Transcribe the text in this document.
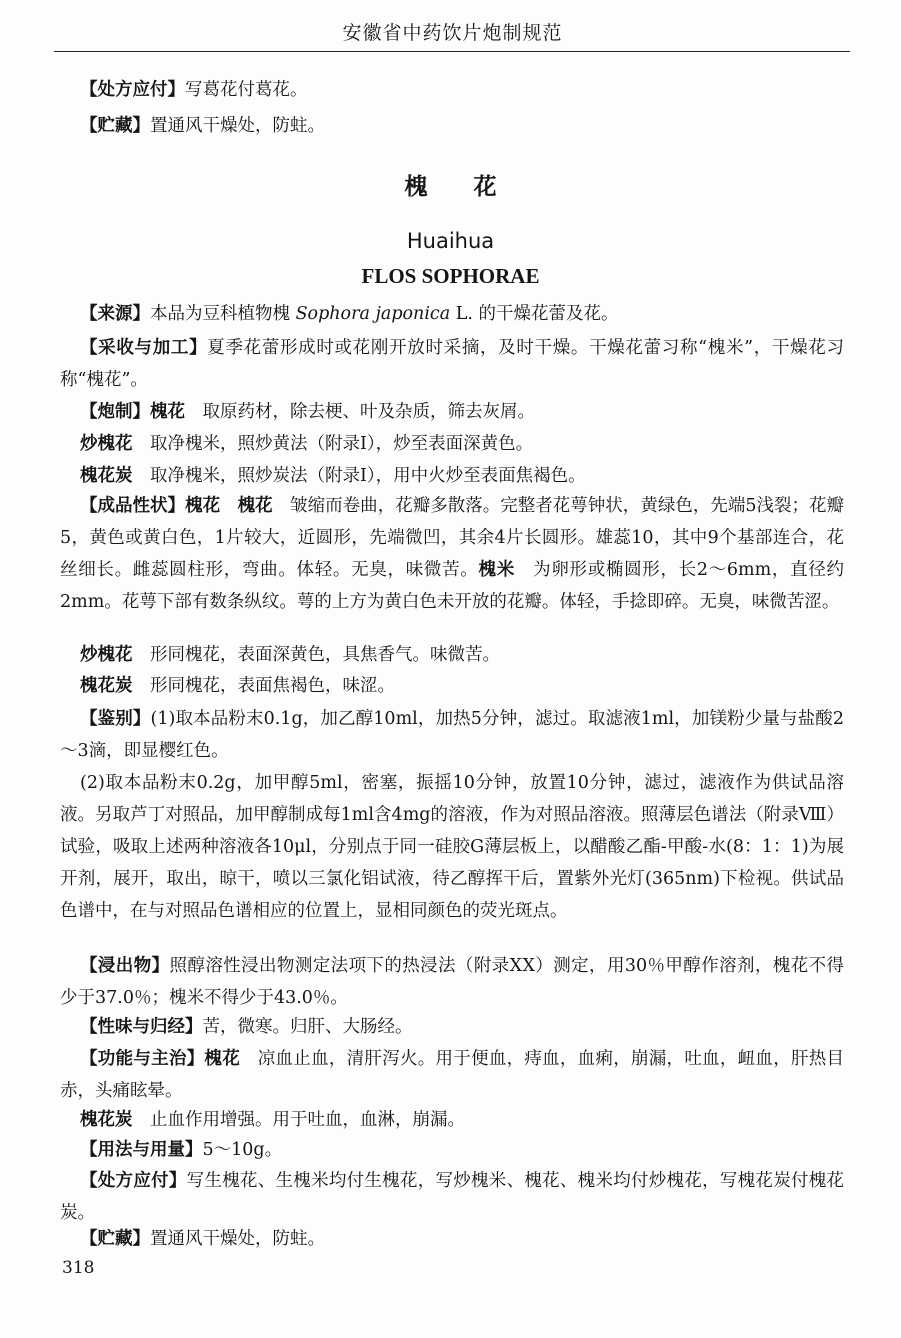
安徽省中药饮片炮制规范
【处方应付】写葛花付葛花。
【贮藏】置通风干燥处，防蛀。
槐　　花
Huaihua
FLOS SOPHORAE
【来源】本品为豆科植物槐 Sophora japonica L. 的干燥花蕾及花。
【采收与加工】夏季花蕾形成时或花刚开放时采摘，及时干燥。干燥花蕾习称“槐米”，干燥花习称“槐花”。
【炮制】槐花　取原药材，除去梗、叶及杂质，筛去灰屑。
炒槐花　取净槐米，照炒黄法（附录Ⅰ），炒至表面深黄色。
槐花炭　取净槐米，照炒炭法（附录Ⅰ），用中火炒至表面焦褐色。
【成品性状】槐花　 槐花　皱缩而卷曲，花瓣多散落。完整者花萼钟状，黄绿色，先端5浅裂；花瓣5，黄色或黄白色，1片较大，近圆形，先端微凹，其余4片长圆形。雄蕊10，其中9个基部连合，花丝细长。雌蕊圆柱形，弯曲。体轻。无臭，味微苦。槐米　为卵形或椭圆形，长2～6mm，直径约2mm。花萼下部有数条纵纹。萼的上方为黄白色未开放的花瓣。体轻，手捻即碎。无臭，味微苦涩。
炒槐花　形同槐花，表面深黄色，具焦香气。味微苦。
槐花炭　形同槐花，表面焦褐色，味涩。
【鉴别】(1)取本品粉末0.1g，加乙醇10ml，加热5分钟，滤过。取滤液1ml，加镁粉少量与盐酸2～3滴，即显樱红色。
(2)取本品粉末0.2g，加甲醇5ml，密塞，振摇10分钟，放置10分钟，滤过，滤液作为供试品溶液。另取芦丁对照品，加甲醇制成每1ml含4mg的溶液，作为对照品溶液。照薄层色谱法（附录Ⅷ）试验，吸取上述两种溶液各10μl，分别点于同一硅胶G薄层板上，以醋酸乙酯-甲酸-水(8：1：1)为展开剂，展开，取出，晾干，喷以三氯化铝试液，待乙醇挥干后，置紫外光灯(365nm)下检视。供试品色谱中，在与对照品色谱相应的位置上，显相同颜色的荧光斑点。
【浸出物】照醇溶性浸出物测定法项下的热浸法（附录ⅩⅩ）测定，用30％甲醇作溶剂，槐花不得少于37.0％；槐米不得少于43.0％。
【性味与归经】苦，微寒。归肝、大肠经。
【功能与主治】槐花　凉血止血，清肝泻火。用于便血，痔血，血痢，崩漏，吐血，衄血，肝热目赤，头痛眩晕。
槐花炭　止血作用增强。用于吐血，血淋，崩漏。
【用法与用量】5～10g。
【处方应付】写生槐花、生槐米均付生槐花，写炒槐米、槐花、槐米均付炒槐花，写槐花炭付槐花炭。
【贮藏】置通风干燥处，防蛀。
318
